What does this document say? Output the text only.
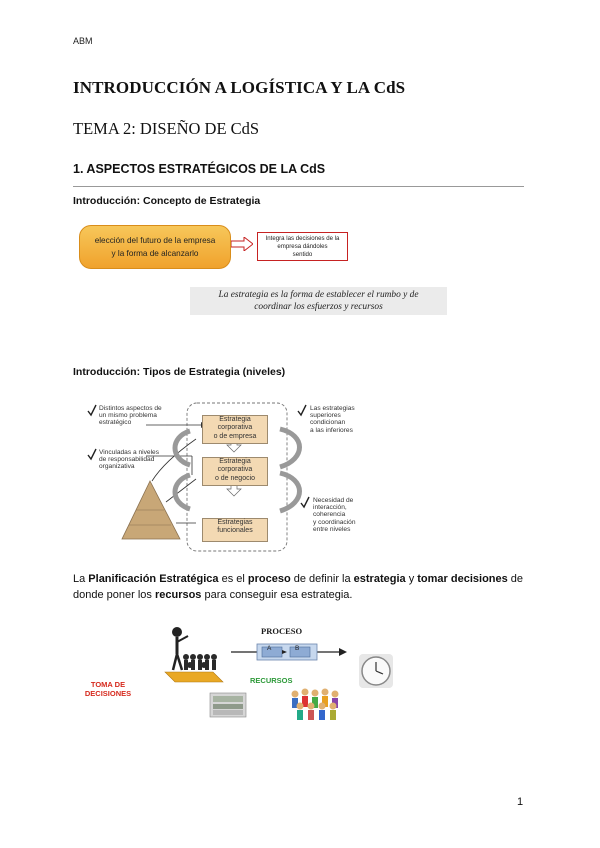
ABM
INTRODUCCIÓN A LOGÍSTICA Y LA CdS
TEMA 2: DISEÑO DE CdS
1. ASPECTOS ESTRATÉGICOS DE LA CdS
Introducción: Concepto de Estrategia
elección del futuro de la empresa
y la forma de alcanzarlo
Integra las decisiones de la
empresa dándoles
sentido
La estrategia es la forma de establecer el rumbo y de
coordinar los esfuerzos y recursos
Introducción: Tipos de Estrategia (niveles)
Distintos aspectos de
un mismo problema
estratégico
Vinculadas a niveles
de responsabilidad
organizativa
Estrategia
corporativa
o de empresa
Estrategia
corporativa
o de negocio
Estrategias
funcionales
Las estrategias
superiores
condicionan
a las inferiores
Necesidad de
interacción,
coherencia
y coordinación
entre niveles
La Planificación Estratégica es el proceso de definir la estrategia y tomar decisiones de donde poner los recursos para conseguir esa estrategia.
PROCESO
A	B
TOMA DE
DECISIONES
RECURSOS
1
